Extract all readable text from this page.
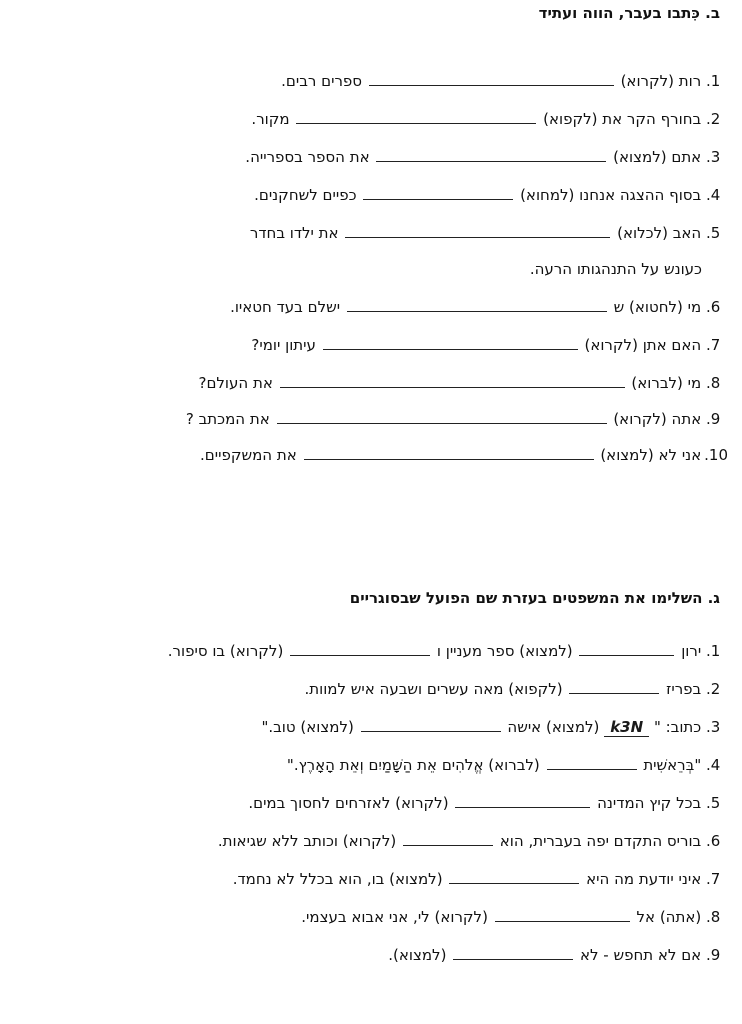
ב. כִּתבו בעבר, הווה ועתיד
1. רות (לקרוא)  ספרים רבים.
2. בחורף הקר את (לקפוא)  מקור.
3. אתם (למצוא)  את הספר בספרייה.
4. בסוף ההצגה אנחנו (למחוא)  כפיים לשחקנים.
5. האב (לכלוא)  את ילדו בחדר
כעונש על התנהגותו הרעה.
6. מי (לחטוא) ש  ישלם בעד חטאיו.
7. האם אתן (לקרוא)  עיתון יומי?
8. מי (לברוא)  את העולם?
9. אתה (לקרוא)  את המכתב ?
10. אני לא (למצוא)  את המשקפיים.
ג. השלימו את המשפטים בעזרת שם הפועל שבסוגריים
1. ירון  (למצוא) ספר מעניין ו  (לקרוא) בו סיפור.
2. בפריז  (לקפוא) מאה עשרים ושבעה איש למוות.
3. כתוב: " k3N (למצוא) אישה  (למצוא) טוב."
4. "בְּרֵאשִׁית  (לברוא) אֱלֹהִים אֵת הַשָּׁמַיִם וְאֵת הָאָרֶץ."
5. בכל קיץ המדינה  (לקרוא) לאזרחים לחסוך במים.
6. בוריס התקדם יפה בעברית, הוא  (לקרוא) וכותב ללא שגיאות.
7. איני יודעת מה היא  (למצוא) בו, הוא בכלל לא נחמד.
8. (אתה) אל  (לקרוא) לי, אני אבוא בעצמי.
9. אם לא תחפש - לא  (למצוא).
